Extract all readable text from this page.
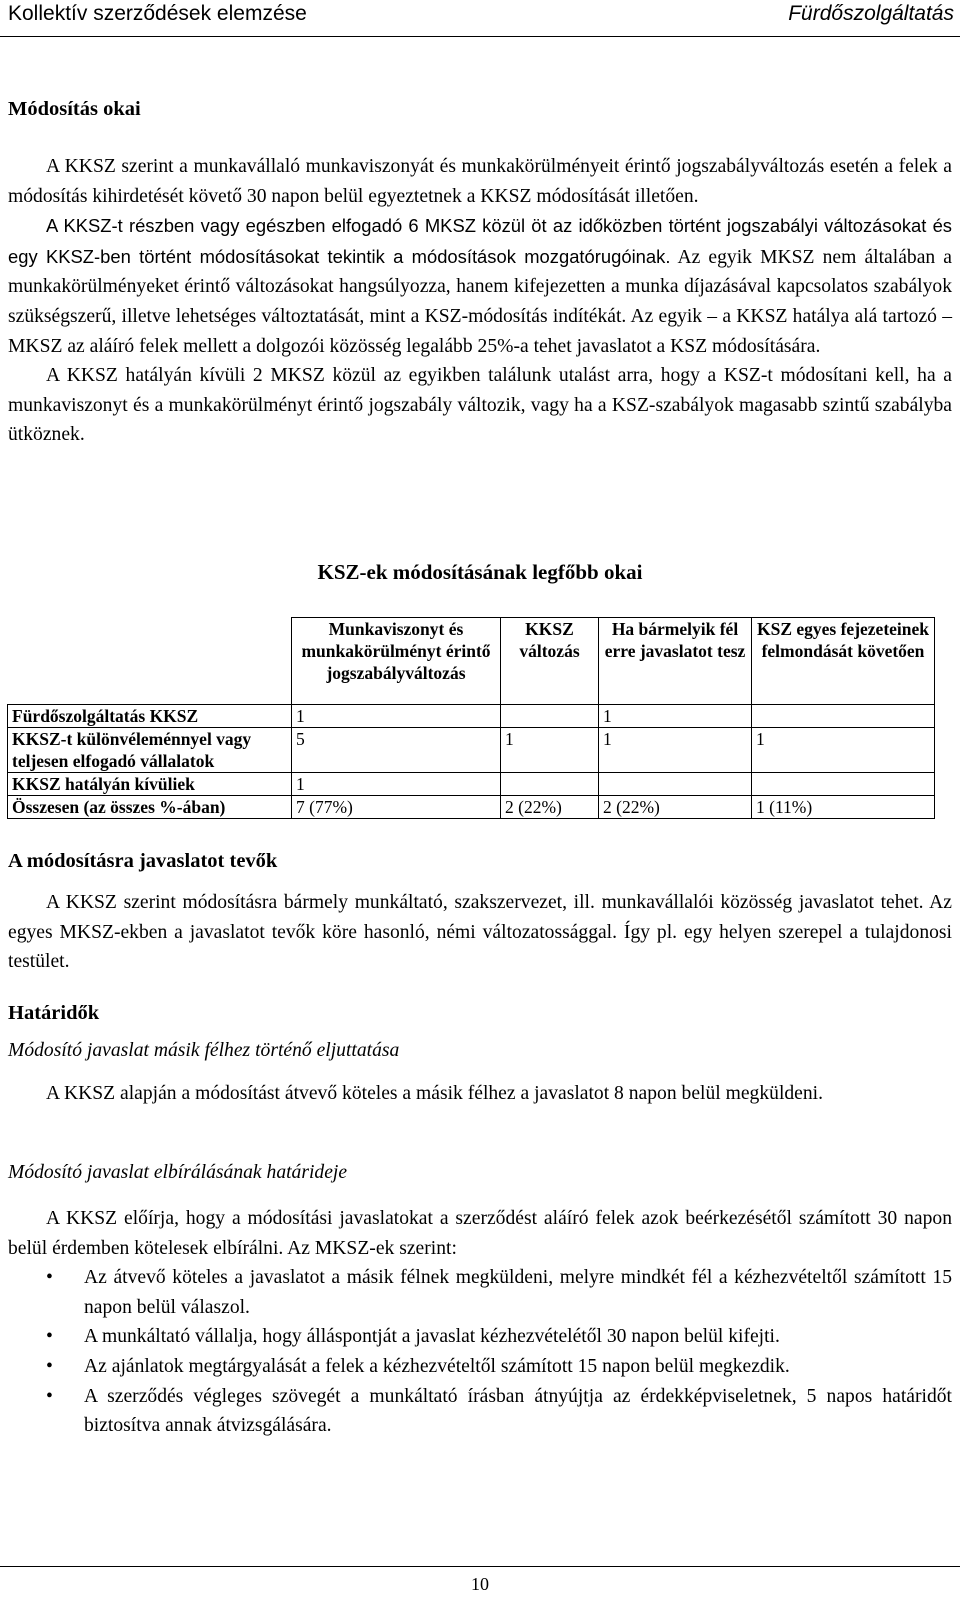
Kollektív szerződések elemzése	Fürdőszolgáltatás
Módosítás okai

A KKSZ szerint a munkavállaló munkaviszonyát és munkakörülményeit érintő jogszabályváltozás esetén a felek a módosítás kihirdetését követő 30 napon belül egyeztetnek a KKSZ módosítását illetően.

A KKSZ-t részben vagy egészben elfogadó 6 MKSZ közül öt az időközben történt jogszabályi változásokat és egy KKSZ-ben történt módosításokat tekintik a módosítások mozgatórugóinak. Az egyik MKSZ nem általában a munkakörülményeket érintő változásokat hangsúlyozza, hanem kifejezetten a munka díjazásával kapcsolatos szabályok szükségszerű, illetve lehetséges változtatását, mint a KSZ-módosítás indítékát. Az egyik – a KKSZ hatálya alá tartozó – MKSZ az aláíró felek mellett a dolgozói közösség legalább 25%-a tehet javaslatot a KSZ módosítására.

A KKSZ hatályán kívüli 2 MKSZ közül az egyikben találunk utalást arra, hogy a KSZ-t módosítani kell, ha a munkaviszonyt és a munkakörülményt érintő jogszabály változik, vagy ha a KSZ-szabályok magasabb szintű szabályba ütköznek.

KSZ-ek módosításának legfőbb okai
	Munkaviszonyt és munkakörülményt érintő jogszabályváltozás	KKSZ változás	Ha bármelyik fél erre javaslatot tesz	KSZ egyes fejezeteinek felmondását követően
Fürdőszolgáltatás KKSZ	1		1	
KKSZ-t különvéleménnyel vagy teljesen elfogadó vállalatok	5	1	1	1
KKSZ hatályán kívüliek	1			
Összesen (az összes %-ában)	7 (77%)	2 (22%)	2 (22%)	1 (11%)
A módosításra javaslatot tevők

A KKSZ szerint módosításra bármely munkáltató, szakszervezet, ill. munkavállalói közösség javaslatot tehet. Az egyes MKSZ-ekben a javaslatot tevők köre hasonló, némi változatossággal. Így pl. egy helyen szerepel a tulajdonosi testület.

Határidők
Módosító javaslat másik félhez történő eljuttatása

A KKSZ alapján a módosítást átvevő köteles a másik félhez a javaslatot 8 napon belül megküldeni.

Módosító javaslat elbírálásának határideje

A KKSZ előírja, hogy a módosítási javaslatokat a szerződést aláíró felek azok beérkezésétől számított 30 napon belül érdemben kötelesek elbírálni. Az MKSZ-ek szerint:

• Az átvevő köteles a javaslatot a másik félnek megküldeni, melyre mindkét fél a kézhezvételtől számított 15 napon belül válaszol.
• A munkáltató vállalja, hogy álláspontját a javaslat kézhezvételétől 30 napon belül kifejti.
• Az ajánlatok megtárgyalását a felek a kézhezvételtől számított 15 napon belül megkezdik.
• A szerződés végleges szövegét a munkáltató írásban átnyújtja az érdekképviseletnek, 5 napos határidőt biztosítva annak átvizsgálására.
10
